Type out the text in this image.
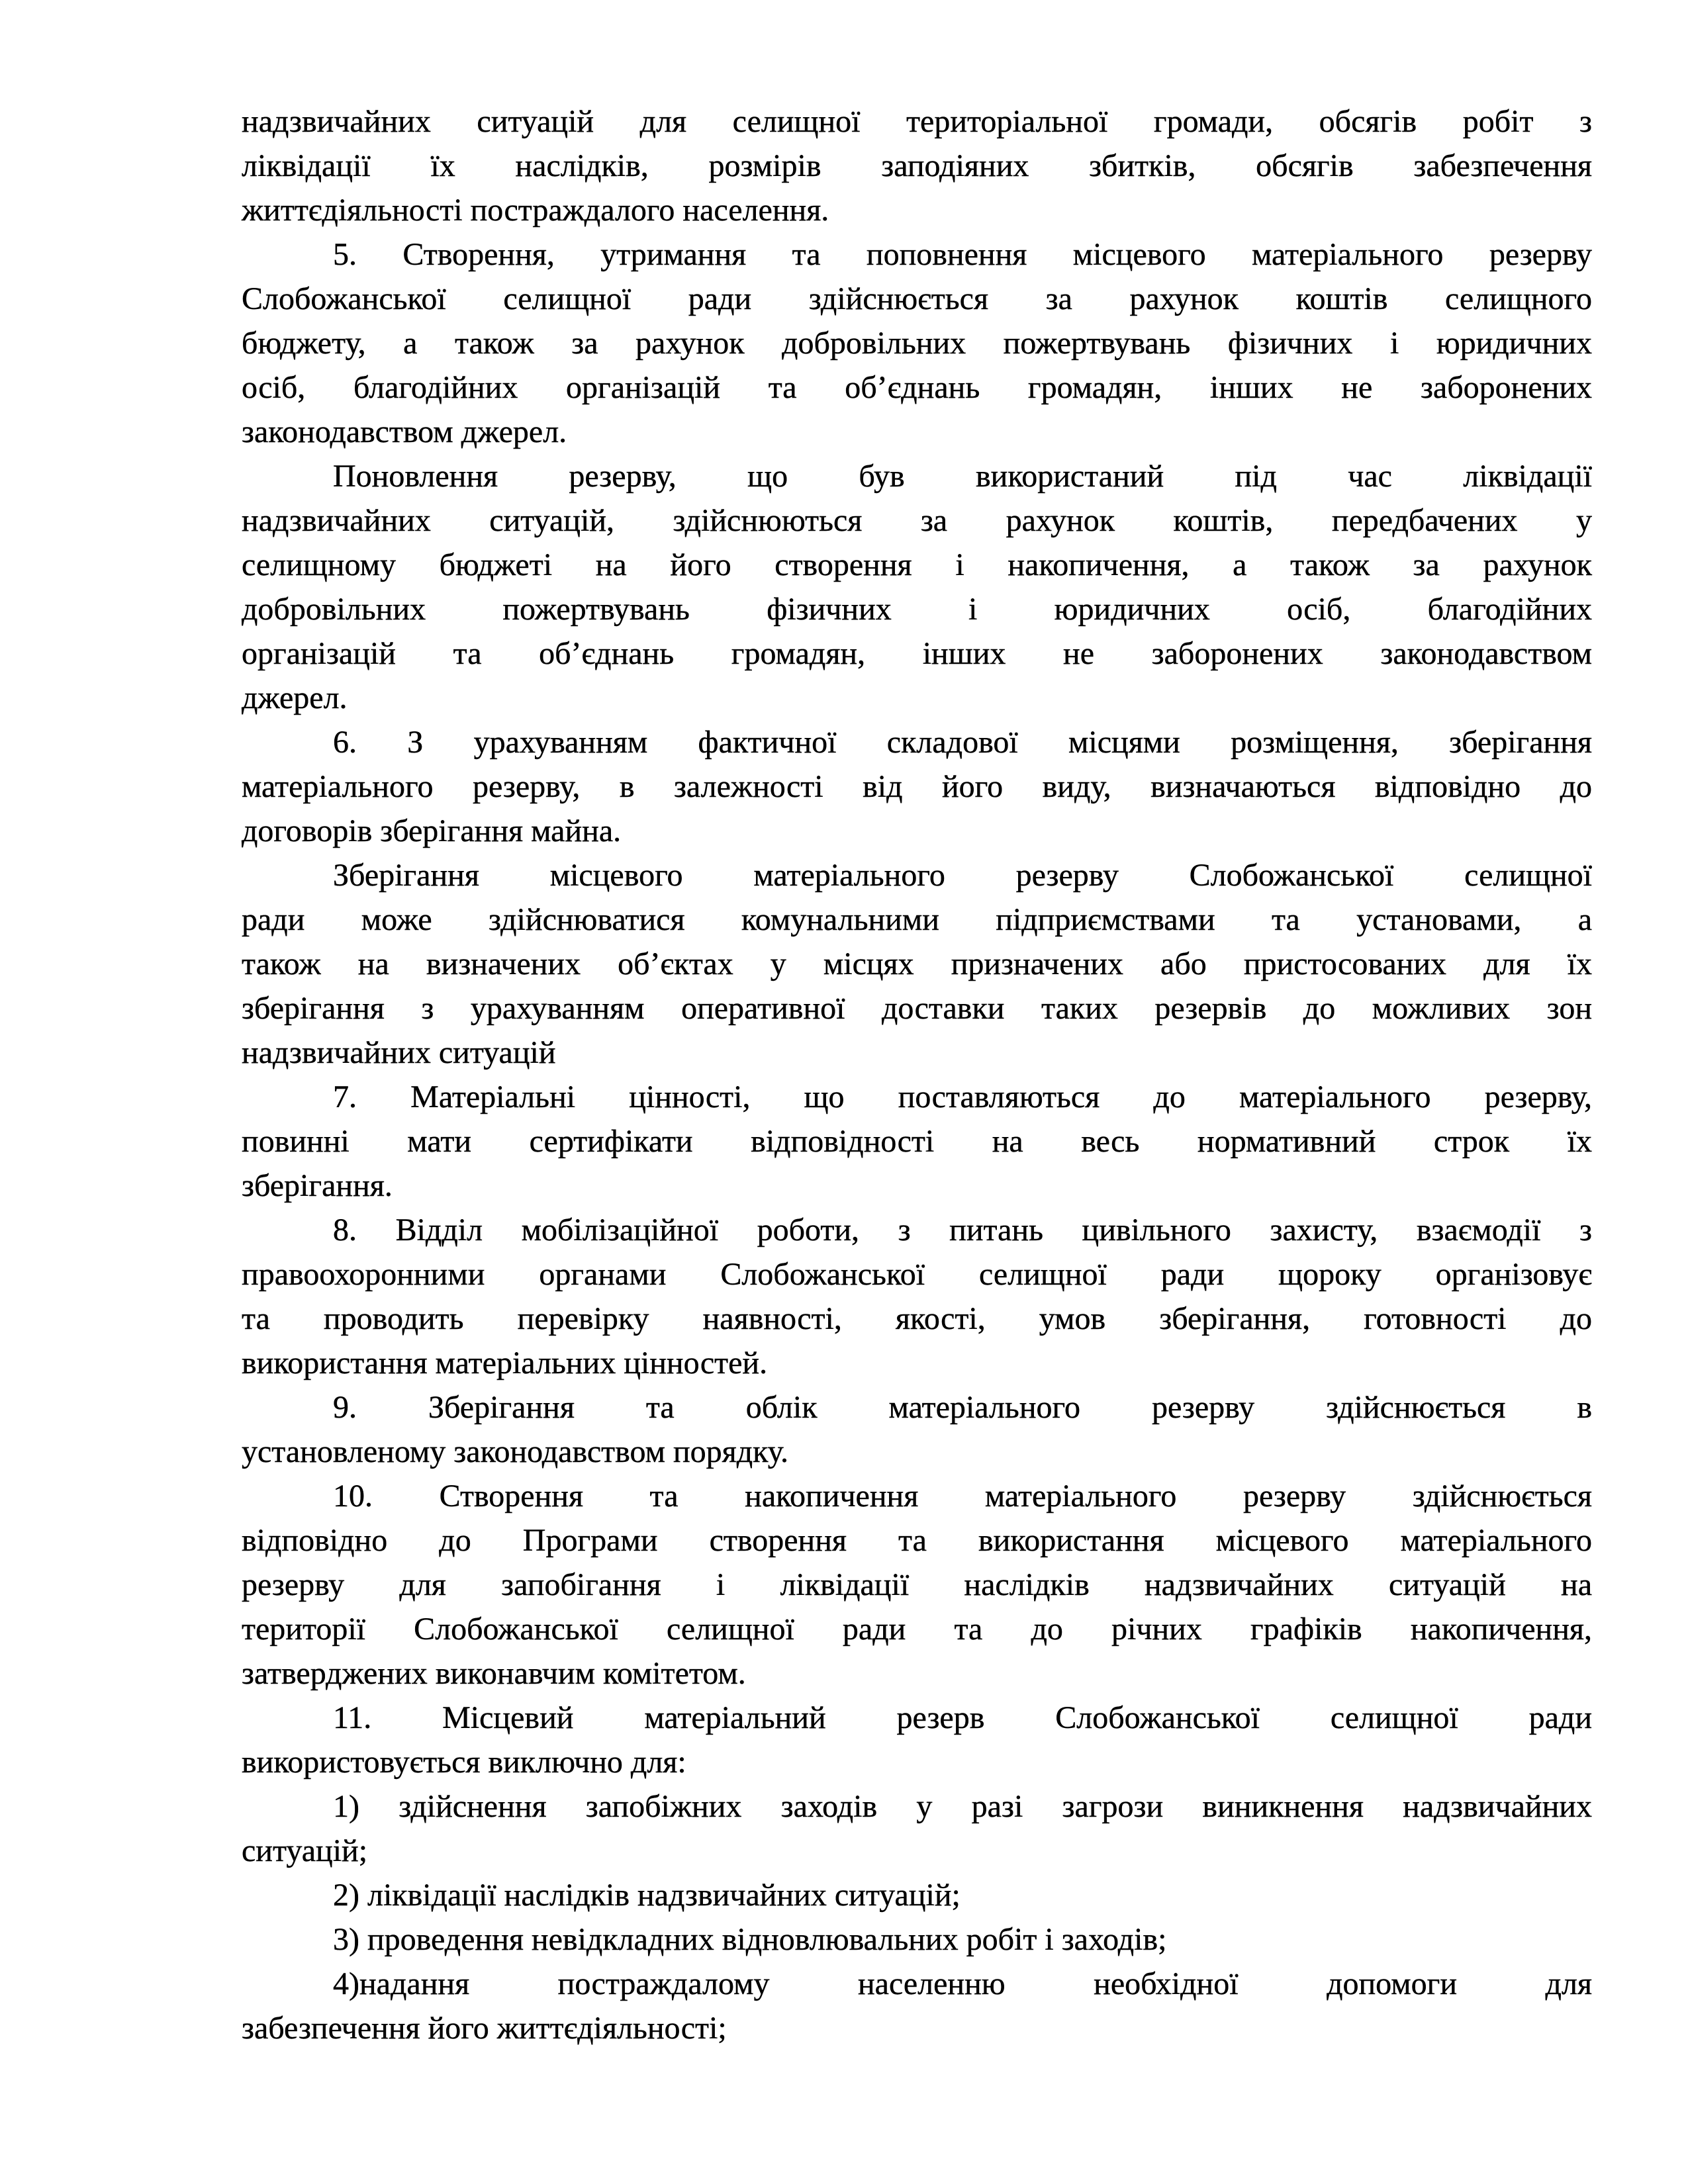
надзвичайних ситуацій для селищної територіальної громади, обсягів робіт з
ліквідації їх наслідків, розмірів заподіяних збитків, обсягів забезпечення
життєдіяльності постраждалого населення.
5. Створення, утримання та поповнення місцевого матеріального резерву
Слобожанської селищної ради здійснюється за рахунок коштів селищного
бюджету, а також за рахунок добровільних пожертвувань фізичних і юридичних
осіб, благодійних організацій та об’єднань громадян, інших не заборонених
законодавством джерел.
Поновлення резерву, що був використаний під час ліквідації
надзвичайних ситуацій, здійснюються за рахунок коштів, передбачених у
селищному бюджеті на його створення і накопичення, а також за рахунок
добровільних пожертвувань фізичних і юридичних осіб, благодійних
організацій та об’єднань громадян, інших не заборонених законодавством
джерел.
6. З урахуванням фактичної складової місцями розміщення, зберігання
матеріального резерву, в залежності від його виду, визначаються відповідно до
договорів зберігання майна.
Зберігання місцевого матеріального резерву Слобожанської селищної
ради може здійснюватися комунальними підприємствами та установами, а
також на визначених об’єктах у місцях призначених або пристосованих для їх
зберігання з урахуванням оперативної доставки таких резервів до можливих зон
надзвичайних ситуацій
7. Матеріальні цінності, що поставляються до матеріального резерву,
повинні мати сертифікати відповідності на весь нормативний строк їх
зберігання.
8. Відділ мобілізаційної роботи, з питань цивільного захисту, взаємодії з
правоохоронними органами Слобожанської селищної ради щороку організовує
та проводить перевірку наявності, якості, умов зберігання, готовності до
використання матеріальних цінностей.
9. Зберігання та облік матеріального резерву здійснюється в
установленому законодавством порядку.
10. Створення та накопичення матеріального резерву здійснюється
відповідно до Програми створення та використання місцевого матеріального
резерву для запобігання і ліквідації наслідків надзвичайних ситуацій на
території Слобожанської селищної ради та до річних графіків накопичення,
затверджених виконавчим комітетом.
11. Місцевий матеріальний резерв Слобожанської селищної ради
використовується виключно для:
1) здійснення запобіжних заходів у разі загрози виникнення надзвичайних
ситуацій;
2) ліквідації наслідків надзвичайних ситуацій;
3) проведення невідкладних відновлювальних робіт і заходів;
4)надання постраждалому населенню необхідної допомоги для
забезпечення його життєдіяльності;
